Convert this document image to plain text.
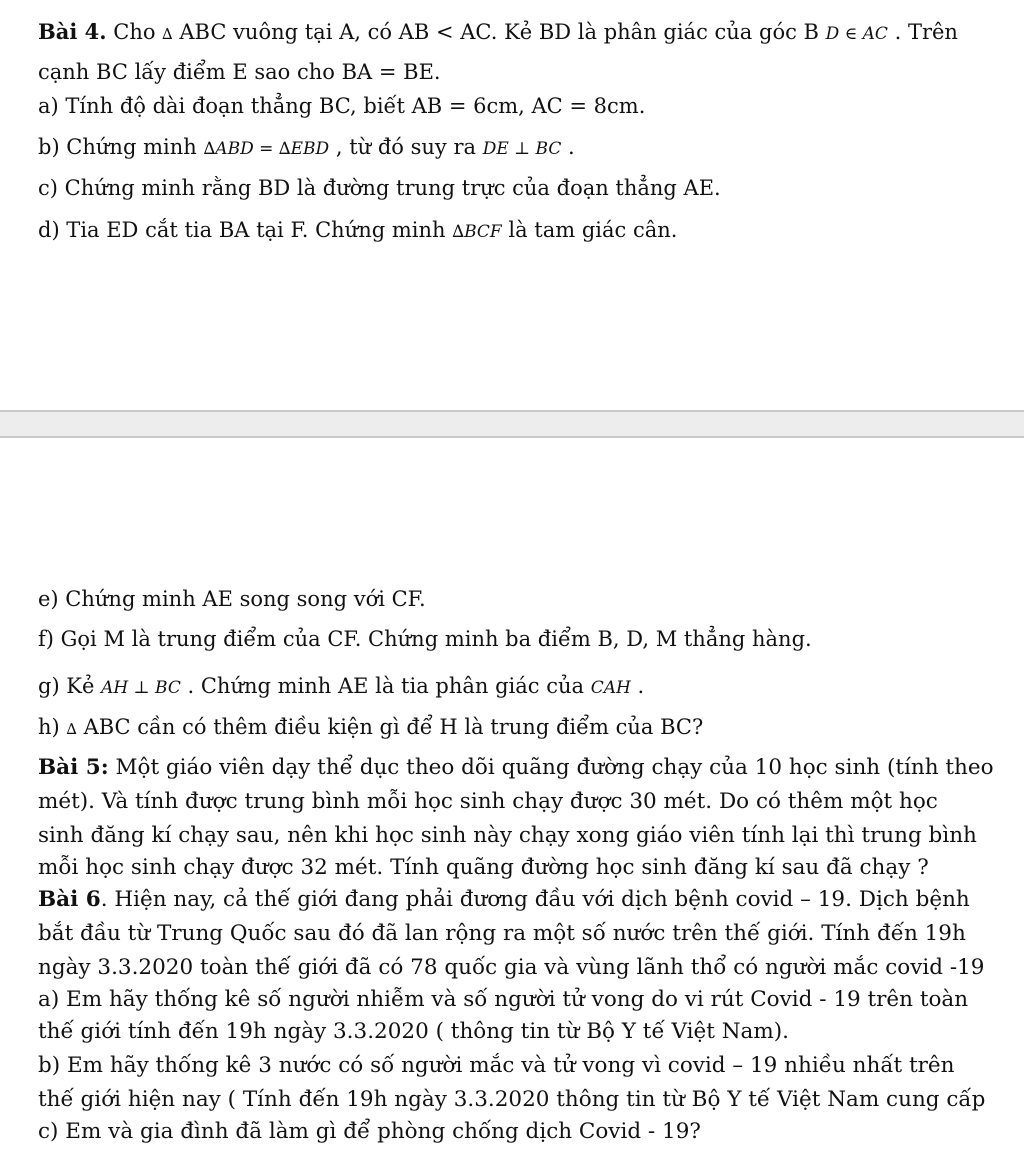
Bài 4. Cho ∆ ABC vuông tại A, có AB < AC. Kẻ BD là phân giác của góc B D ∈ AC . Trên
cạnh BC lấy điểm E sao cho BA = BE.
a) Tính độ dài đoạn thẳng BC, biết AB = 6cm, AC = 8cm.
b) Chứng minh ∆ABD = ∆EBD , từ đó suy ra DE ⊥ BC .
c) Chứng minh rằng BD là đường trung trực của đoạn thẳng AE.
d) Tia ED cắt tia BA tại F. Chứng minh ∆BCF là tam giác cân.
e) Chứng minh AE song song với CF.
f) Gọi M là trung điểm của CF. Chứng minh ba điểm B, D, M thẳng hàng.
g) Kẻ AH ⊥ BC . Chứng minh AE là tia phân giác của CAH .
h) ∆ ABC cần có thêm điều kiện gì để H là trung điểm của BC?
Bài 5: Một giáo viên dạy thể dục theo dõi quãng đường chạy của 10 học sinh (tính theo
mét). Và tính được trung bình mỗi học sinh chạy được 30 mét. Do có thêm một học
sinh đăng kí chạy sau, nên khi học sinh này chạy xong giáo viên tính lại thì trung bình
mỗi học sinh chạy được 32 mét. Tính quãng đường học sinh đăng kí sau đã chạy ?
Bài 6. Hiện nay, cả thế giới đang phải đương đầu với dịch bệnh covid – 19. Dịch bệnh
bắt đầu từ Trung Quốc sau đó đã lan rộng ra một số nước trên thế giới. Tính đến 19h
ngày 3.3.2020 toàn thế giới đã có 78 quốc gia và vùng lãnh thổ có người mắc covid -19
a) Em hãy thống kê số người nhiễm và số người tử vong do vi rút Covid - 19 trên toàn
thế giới tính đến 19h ngày 3.3.2020 ( thông tin từ Bộ Y tế Việt Nam).
b) Em hãy thống kê 3 nước có số người mắc và tử vong vì covid – 19 nhiều nhất trên
thế giới hiện nay ( Tính đến 19h ngày 3.3.2020 thông tin từ Bộ Y tế Việt Nam cung cấp
c) Em và gia đình đã làm gì để phòng chống dịch Covid - 19?
